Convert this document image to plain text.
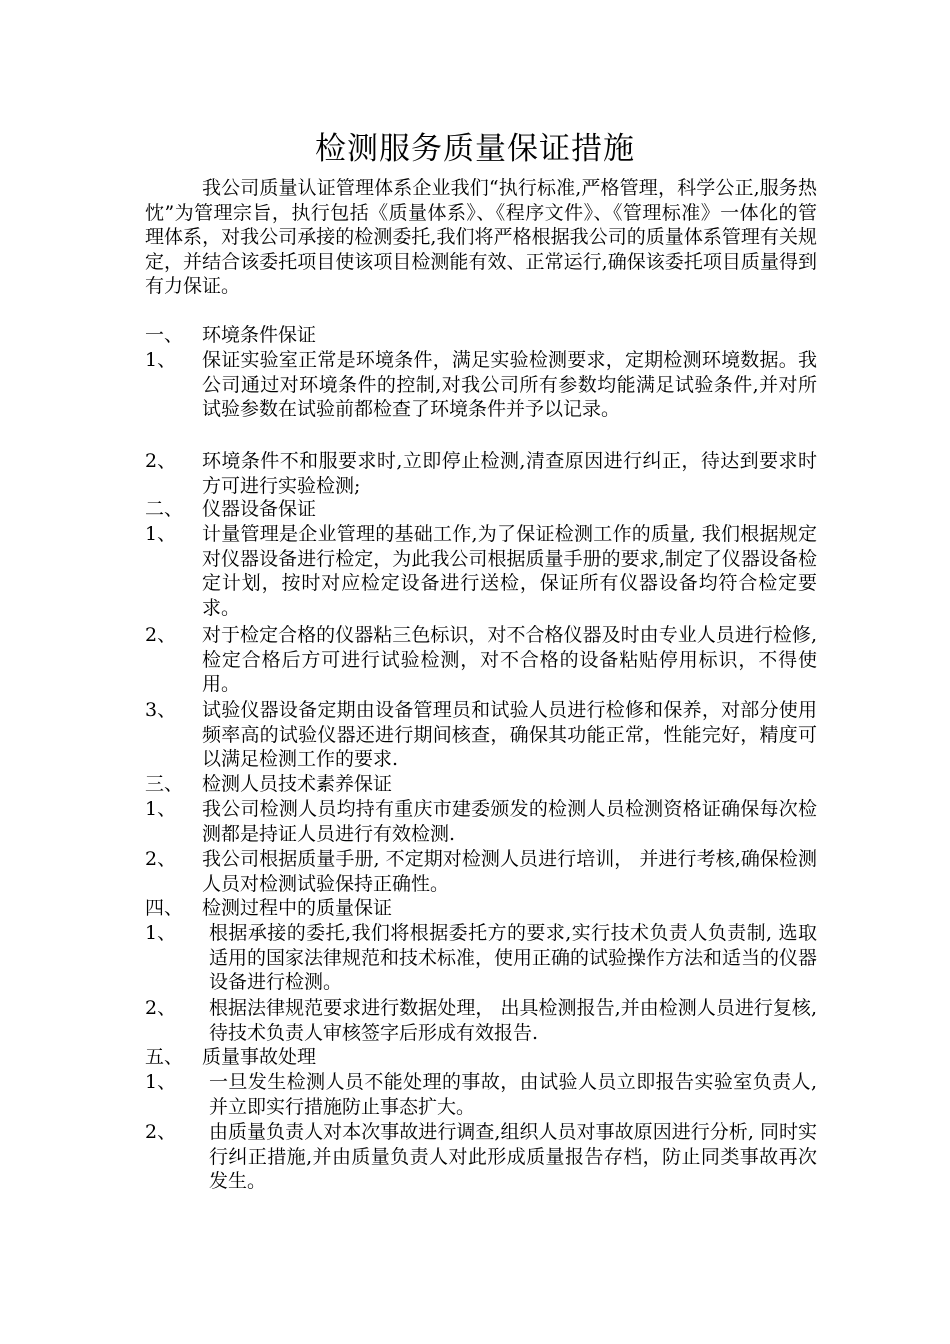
检测服务质量保证措施
我公司质量认证管理体系企业我们“执行标准,严格管理，科学公正,服务热忱”为管理宗旨，执行包括《质量体系》、《程序文件》、《管理标准》一体化的管理体系，对我公司承接的检测委托,我们将严格根据我公司的质量体系管理有关规定，并结合该委托项目使该项目检测能有效、正常运行,确保该委托项目质量得到有力保证。
一、 环境条件保证
1、 保证实验室正常是环境条件，满足实验检测要求，定期检测环境数据。我公司通过对环境条件的控制,对我公司所有参数均能满足试验条件,并对所试验参数在试验前都检查了环境条件并予以记录。
2、 环境条件不和服要求时,立即停止检测,清查原因进行纠正，待达到要求时方可进行实验检测;
二、 仪器设备保证
1、 计量管理是企业管理的基础工作,为了保证检测工作的质量, 我们根据规定对仪器设备进行检定，为此我公司根据质量手册的要求,制定了仪器设备检定计划，按时对应检定设备进行送检，保证所有仪器设备均符合检定要求。
2、 对于检定合格的仪器粘三色标识，对不合格仪器及时由专业人员进行检修,检定合格后方可进行试验检测，对不合格的设备粘贴停用标识，不得使用。
3、 试验仪器设备定期由设备管理员和试验人员进行检修和保养，对部分使用频率高的试验仪器还进行期间核查，确保其功能正常，性能完好，精度可以满足检测工作的要求.
三、 检测人员技术素养保证
1、 我公司检测人员均持有重庆市建委颁发的检测人员检测资格证确保每次检测都是持证人员进行有效检测.
2、 我公司根据质量手册, 不定期对检测人员进行培训， 并进行考核,确保检测人员对检测试验保持正确性。
四、 检测过程中的质量保证
1、 根据承接的委托,我们将根据委托方的要求,实行技术负责人负责制, 选取适用的国家法律规范和技术标准，使用正确的试验操作方法和适当的仪器设备进行检测。
2、 根据法律规范要求进行数据处理， 出具检测报告,并由检测人员进行复核,待技术负责人审核签字后形成有效报告.
五、 质量事故处理
1、 一旦发生检测人员不能处理的事故，由试验人员立即报告实验室负责人,并立即实行措施防止事态扩大。
2、 由质量负责人对本次事故进行调查,组织人员对事故原因进行分析, 同时实行纠正措施,并由质量负责人对此形成质量报告存档，防止同类事故再次发生。
